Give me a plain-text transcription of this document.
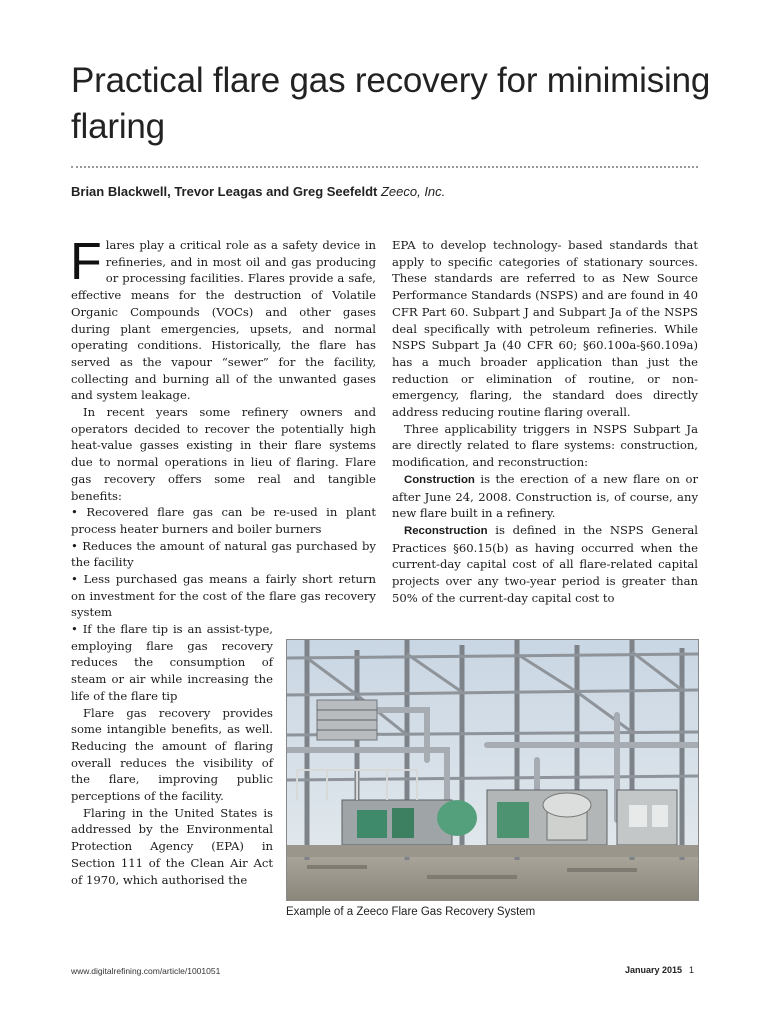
Practical flare gas recovery for minimising flaring
Brian Blackwell, Trevor Leagas and Greg Seefeldt Zeeco, Inc.

Flares play a critical role as a safety device in refineries, and in most oil and gas producing or processing facilities. Flares provide a safe, effective means for the destruction of Volatile Organic Compounds (VOCs) and other gases during plant emergencies, upsets, and normal operating conditions. Historically, the flare has served as the vapour “sewer” for the facility, collecting and burning all of the unwanted gases and system leakage.

In recent years some refinery owners and operators decided to recover the potentially high heat-value gasses existing in their flare systems due to normal operations in lieu of flaring. Flare gas recovery offers some real and tangible benefits:

• Recovered flare gas can be re-used in plant process heater burners and boiler burners

• Reduces the amount of natural gas purchased by the facility

• Less purchased gas means a fairly short return on investment for the cost of the flare gas recovery system

• If the flare tip is an assist-type, employing flare gas recovery reduces the consumption of steam or air while increasing the life of the flare tip

Flare gas recovery provides some intangible benefits, as well. Reducing the amount of flaring overall reduces the visibility of the flare, improving public perceptions of the facility.

Flaring in the United States is addressed by the Environmental Protection Agency (EPA) in Section 111 of the Clean Air Act of 1970, which authorised the

EPA to develop technology- based standards that apply to specific categories of stationary sources. These standards are referred to as New Source Performance Standards (NSPS) and are found in 40 CFR Part 60. Subpart J and Subpart Ja of the NSPS deal specifically with petroleum refineries. While NSPS Subpart Ja (40 CFR 60; §60.100a-§60.109a) has a much broader application than just the reduction or elimination of routine, or non-emergency, flaring, the standard does directly address reducing routine flaring overall.

Three applicability triggers in NSPS Subpart Ja are directly related to flare systems: construction, modification, and reconstruction:

Construction is the erection of a new flare on or after June 24, 2008. Construction is, of course, any new flare built in a refinery.

Reconstruction is defined in the NSPS General Practices §60.15(b) as having occurred when the current-day capital cost of all flare-related capital projects over any two-year period is greater than 50% of the current-day capital cost to

Example of a Zeeco Flare Gas Recovery System
www.digitalrefining.com/article/1001051	January 2015 1
